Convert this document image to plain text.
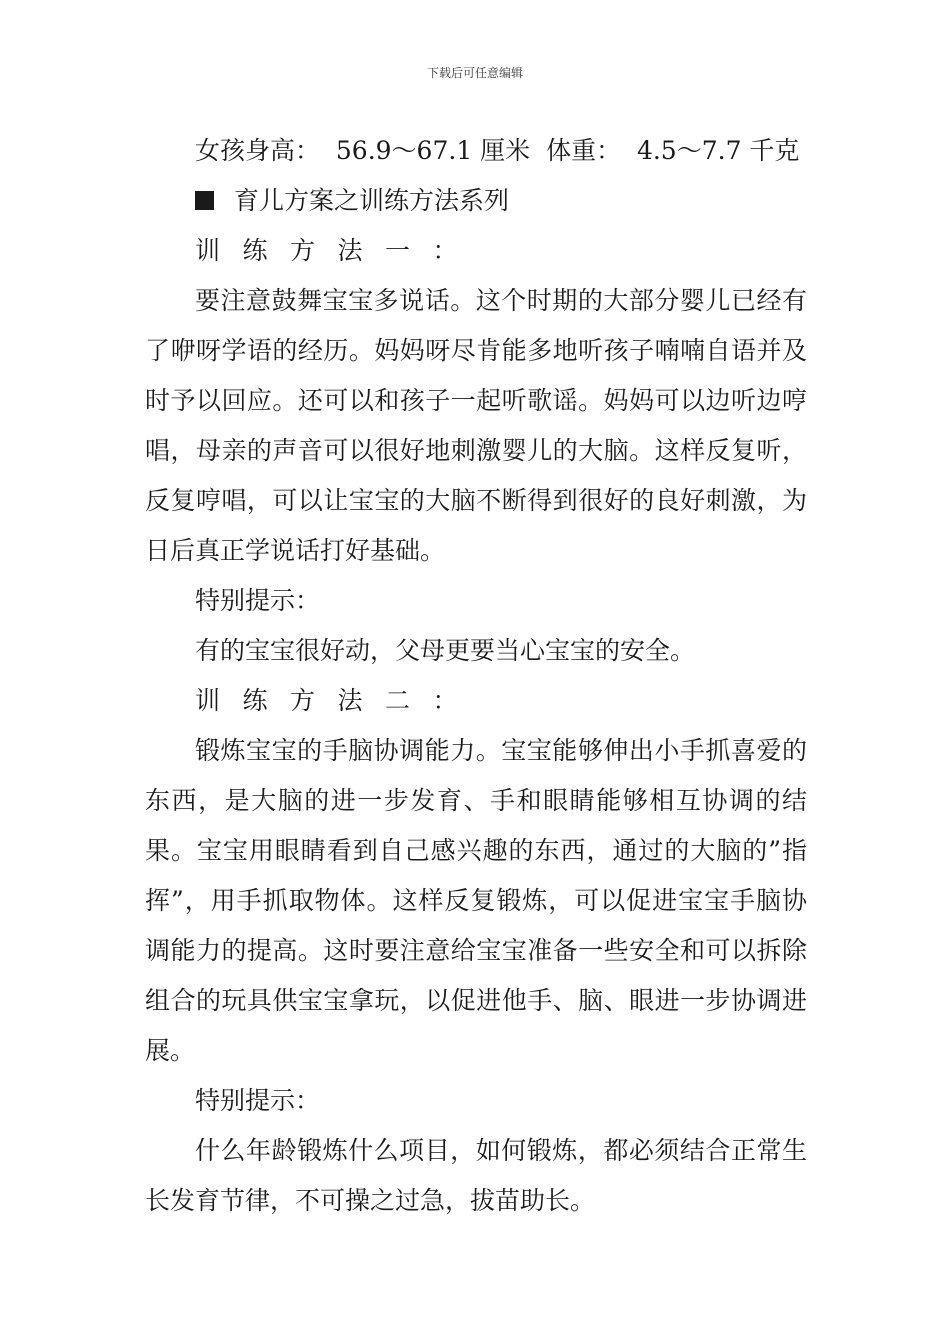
下载后可任意编辑
女孩身高：  56.9～67.1 厘米  体重：  4.5～7.7 千克
育儿方案之训练方法系列
训练方法一：

要注意鼓舞宝宝多说话。这个时期的大部分婴儿已经有了咿呀学语的经历。妈妈呀尽肯能多地听孩子喃喃自语并及时予以回应。还可以和孩子一起听歌谣。妈妈可以边听边哼唱，母亲的声音可以很好地刺激婴儿的大脑。这样反复听，反复哼唱，可以让宝宝的大脑不断得到很好的良好刺激，为日后真正学说话打好基础。

特别提示：
有的宝宝很好动，父母更要当心宝宝的安全。
训练方法二：

锻炼宝宝的手脑协调能力。宝宝能够伸出小手抓喜爱的东西，是大脑的进一步发育、手和眼睛能够相互协调的结果。宝宝用眼睛看到自己感兴趣的东西，通过的大脑的”指挥”，用手抓取物体。这样反复锻炼，可以促进宝宝手脑协调能力的提高。这时要注意给宝宝准备一些安全和可以拆除组合的玩具供宝宝拿玩，以促进他手、脑、眼进一步协调进展。

特别提示：

什么年龄锻炼什么项目，如何锻炼，都必须结合正常生长发育节律，不可操之过急，拔苗助长。
